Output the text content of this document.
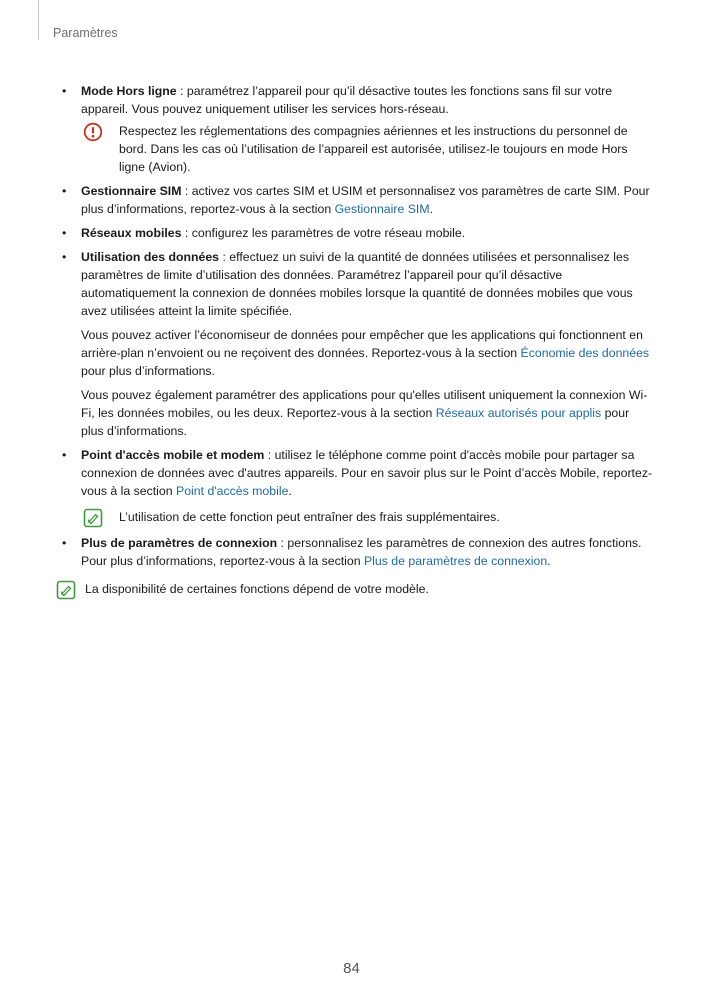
Paramètres
• Mode Hors ligne : paramétrez l’appareil pour qu’il désactive toutes les fonctions sans fil sur votre appareil. Vous pouvez uniquement utiliser les services hors-réseau.

Respectez les réglementations des compagnies aériennes et les instructions du personnel de bord. Dans les cas où l’utilisation de l’appareil est autorisée, utilisez-le toujours en mode Hors ligne (Avion).

• Gestionnaire SIM : activez vos cartes SIM et USIM et personnalisez vos paramètres de carte SIM. Pour plus d’informations, reportez-vous à la section Gestionnaire SIM.
• Réseaux mobiles : configurez les paramètres de votre réseau mobile.
• Utilisation des données : effectuez un suivi de la quantité de données utilisées et personnalisez les paramètres de limite d’utilisation des données. Paramétrez l’appareil pour qu’il désactive automatiquement la connexion de données mobiles lorsque la quantité de données mobiles que vous avez utilisées atteint la limite spécifiée.

Vous pouvez activer l’économiseur de données pour empêcher que les applications qui fonctionnent en arrière-plan n’envoient ou ne reçoivent des données. Reportez-vous à la section Économie des données pour plus d’informations.

Vous pouvez également paramétrer des applications pour qu'elles utilisent uniquement la connexion Wi-Fi, les données mobiles, ou les deux. Reportez-vous à la section Réseaux autorisés pour applis pour plus d’informations.

• Point d'accès mobile et modem : utilisez le téléphone comme point d'accès mobile pour partager sa connexion de données avec d'autres appareils. Pour en savoir plus sur le Point d’accès Mobile, reportez-vous à la section Point d'accès mobile.

L’utilisation de cette fonction peut entraîner des frais supplémentaires.

• Plus de paramètres de connexion : personnalisez les paramètres de connexion des autres fonctions. Pour plus d’informations, reportez-vous à la section Plus de paramètres de connexion.

La disponibilité de certaines fonctions dépend de votre modèle.

84
